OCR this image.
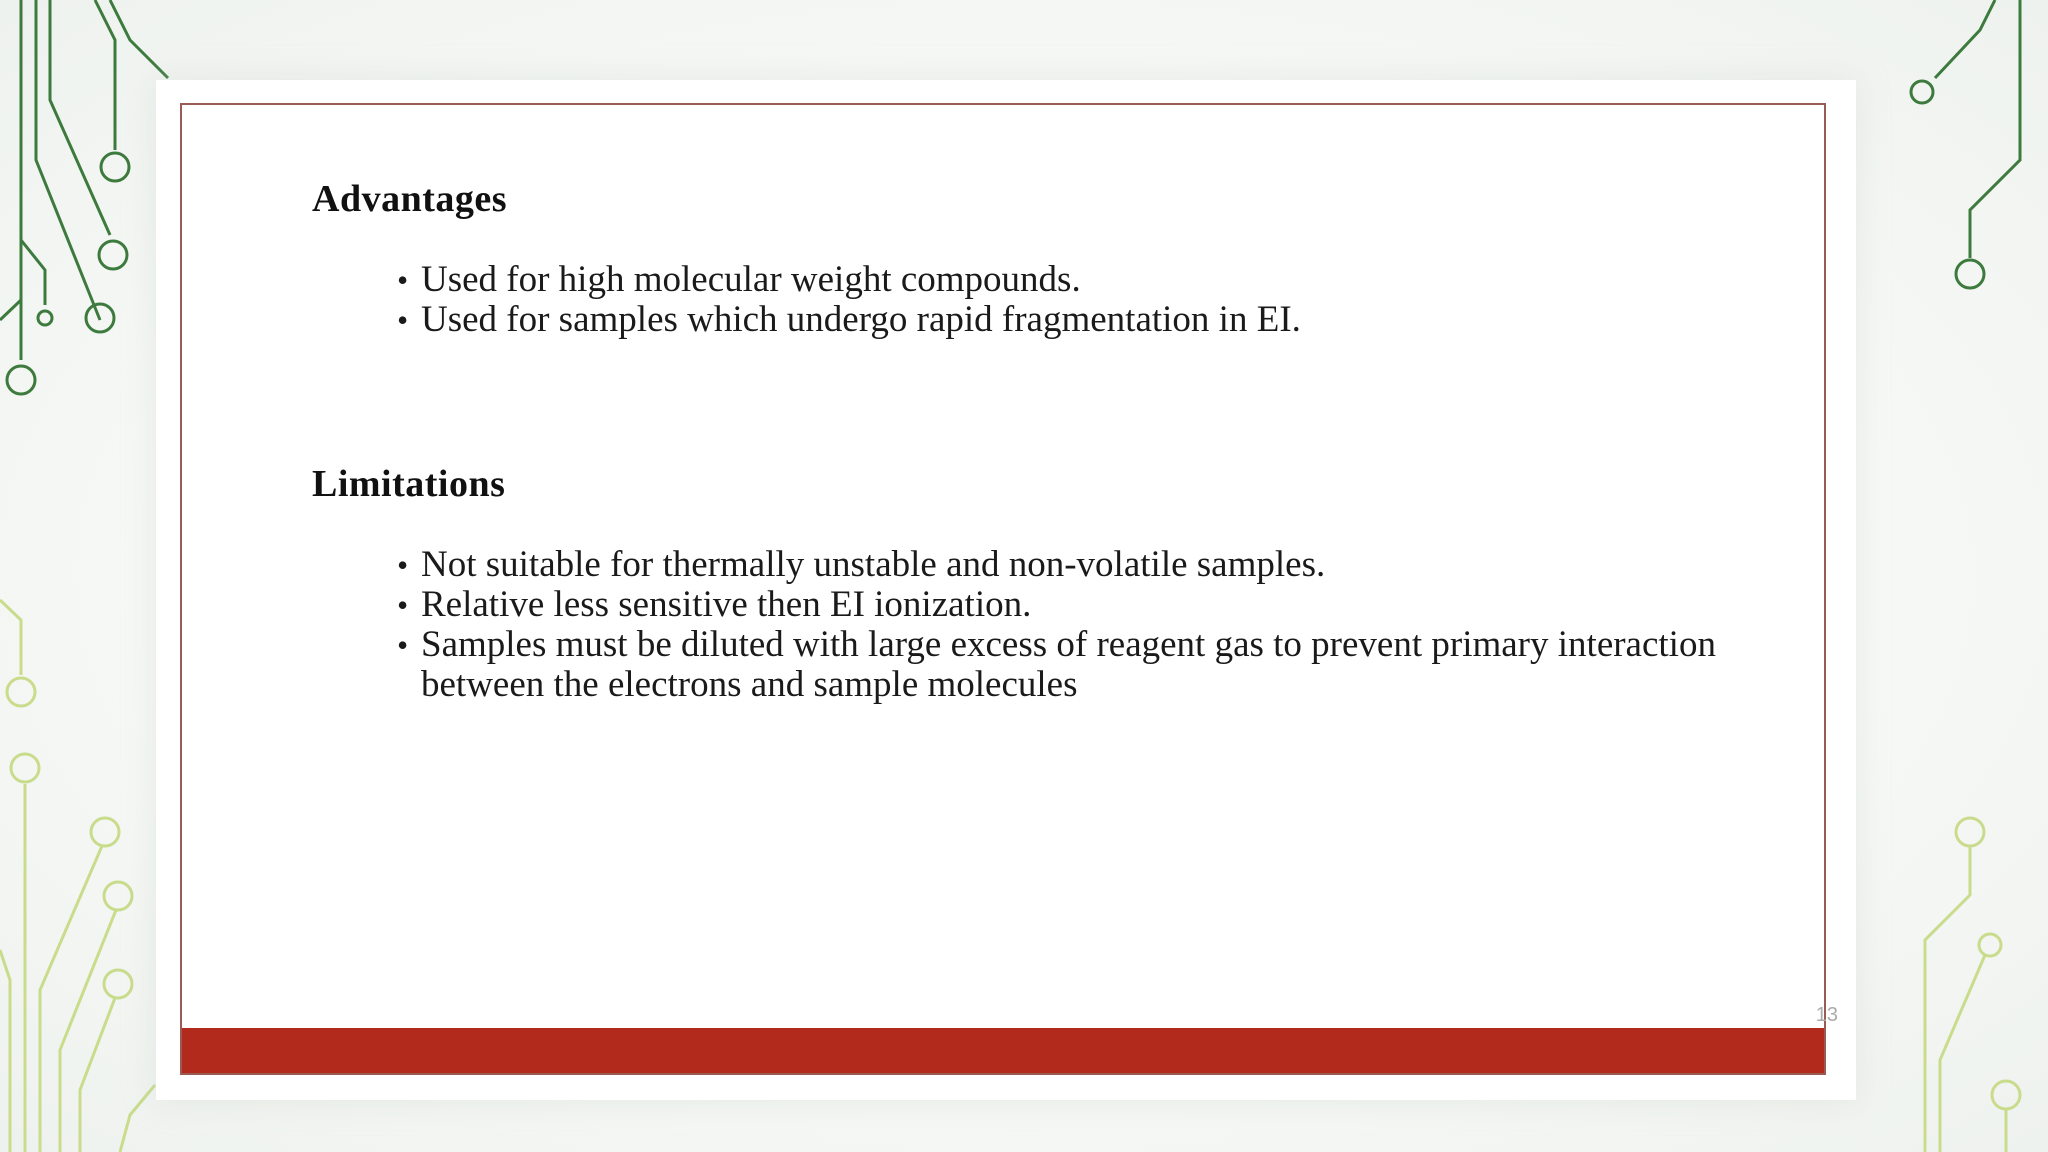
Advantages
• Used for high molecular weight compounds.
• Used for samples which undergo rapid fragmentation in EI.
Limitations
• Not suitable for thermally unstable and non-volatile samples.
• Relative less sensitive then EI ionization.
• Samples must be diluted with large excess of reagent gas to prevent primary interaction between the electrons and sample molecules
13
